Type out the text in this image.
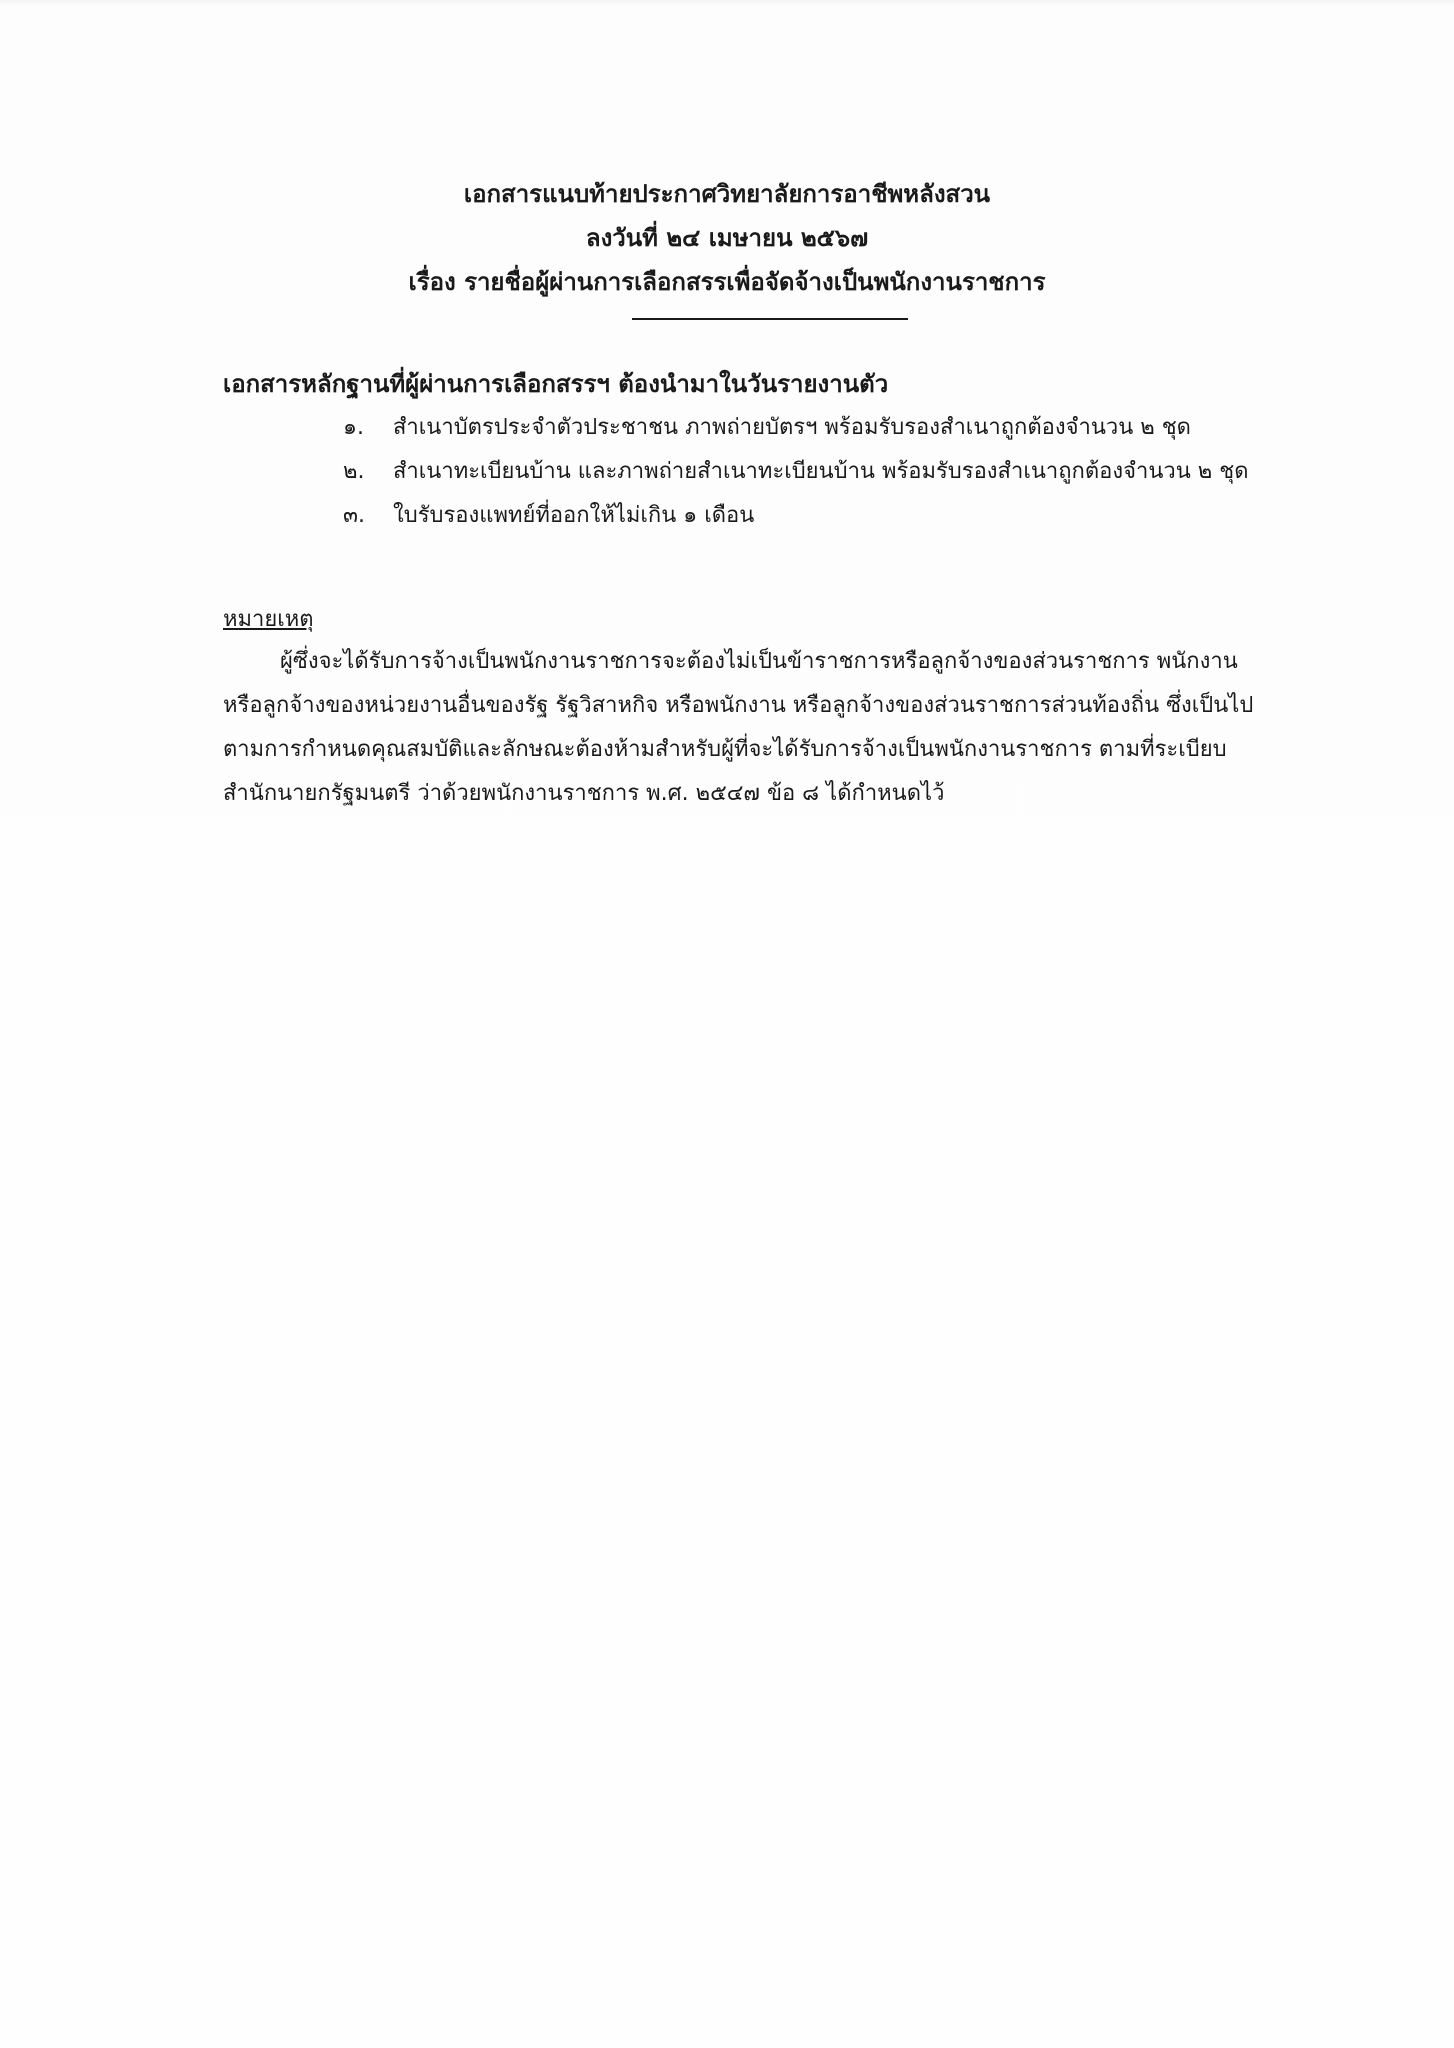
เอกสารแนบท้ายประกาศวิทยาลัยการอาชีพหลังสวน
ลงวันที่ ๒๔ เมษายน ๒๕๖๗
เรื่อง รายชื่อผู้ผ่านการเลือกสรรเพื่อจัดจ้างเป็นพนักงานราชการ
เอกสารหลักฐานที่ผู้ผ่านการเลือกสรรฯ ต้องนำมาในวันรายงานตัว
๑. สำเนาบัตรประจำตัวประชาชน ภาพถ่ายบัตรฯ พร้อมรับรองสำเนาถูกต้องจำนวน ๒ ชุด
๒. สำเนาทะเบียนบ้าน และภาพถ่ายสำเนาทะเบียนบ้าน พร้อมรับรองสำเนาถูกต้องจำนวน ๒ ชุด
๓. ใบรับรองแพทย์ที่ออกให้ไม่เกิน ๑ เดือน
หมายเหตุ
ผู้ซึ่งจะได้รับการจ้างเป็นพนักงานราชการจะต้องไม่เป็นข้าราชการหรือลูกจ้างของส่วนราชการ พนักงาน
หรือลูกจ้างของหน่วยงานอื่นของรัฐ รัฐวิสาหกิจ หรือพนักงาน หรือลูกจ้างของส่วนราชการส่วนท้องถิ่น ซึ่งเป็นไป
ตามการกำหนดคุณสมบัติและลักษณะต้องห้ามสำหรับผู้ที่จะได้รับการจ้างเป็นพนักงานราชการ ตามที่ระเบียบ
สำนักนายกรัฐมนตรี ว่าด้วยพนักงานราชการ พ.ศ. ๒๕๔๗ ข้อ ๘ ได้กำหนดไว้
